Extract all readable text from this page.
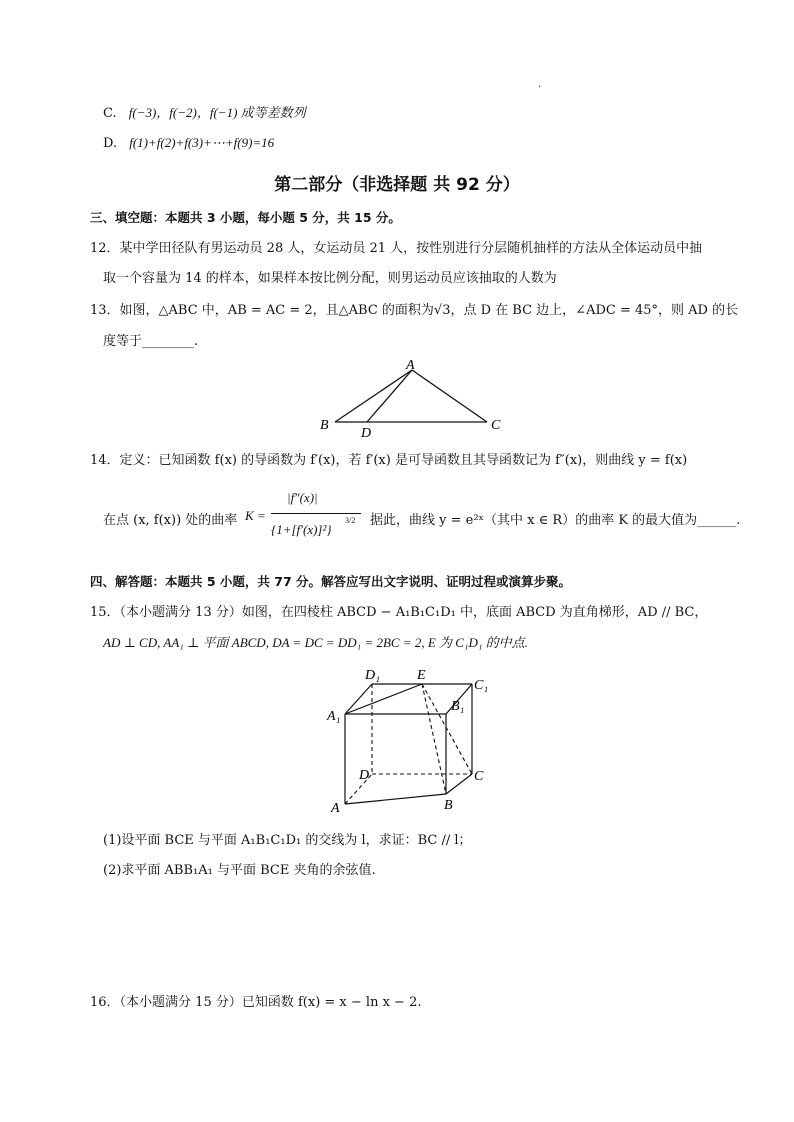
.
C. f(−3)，f(−2)，f(−1) 成等差数列
D. f(1)+f(2)+f(3)+⋯+f(9)=16
第二部分（非选择题 共 92 分）
三、填空题：本题共 3 小题，每小题 5 分，共 15 分。
12．某中学田径队有男运动员 28 人，女运动员 21 人，按性别进行分层随机抽样的方法从全体运动员中抽
取一个容量为 14 的样本，如果样本按比例分配，则男运动员应该抽取的人数为
13．如图，△ABC 中，AB = AC = 2，且△ABC 的面积为√3，点 D 在 BC 边上，∠ADC = 45°，则 AD 的长
度等于________.
A
B	C
D
14．定义：已知函数 f(x) 的导函数为 f′(x)，若 f′(x) 是可导函数且其导函数记为 f″(x)，则曲线 y = f(x)
在点 (x, f(x)) 处的曲率 K =
|f″(x)|
{1+[f′(x)]²}
3/2 据此，曲线 y = e²ˣ（其中 x ∈ R）的曲率 K 的最大值为______.
四、解答题：本题共 5 小题，共 77 分。解答应写出文字说明、证明过程或演算步聚。
15．（本小题满分 13 分）如图，在四棱柱 ABCD − A₁B₁C₁D₁ 中，底面 ABCD 为直角梯形，AD // BC，
AD ⊥ CD, AA₁ ⊥ 平面 ABCD, DA = DC = DD₁ = 2BC = 2, E 为 C₁D₁ 的中点.
D₁	E
C₁
A₁
B₁
D	C
B
A
(1)设平面 BCE 与平面 A₁B₁C₁D₁ 的交线为 l，求证：BC // l；
(2)求平面 ABB₁A₁ 与平面 BCE 夹角的余弦值.
16．（本小题满分 15 分）已知函数 f(x) = x − ln x − 2.
